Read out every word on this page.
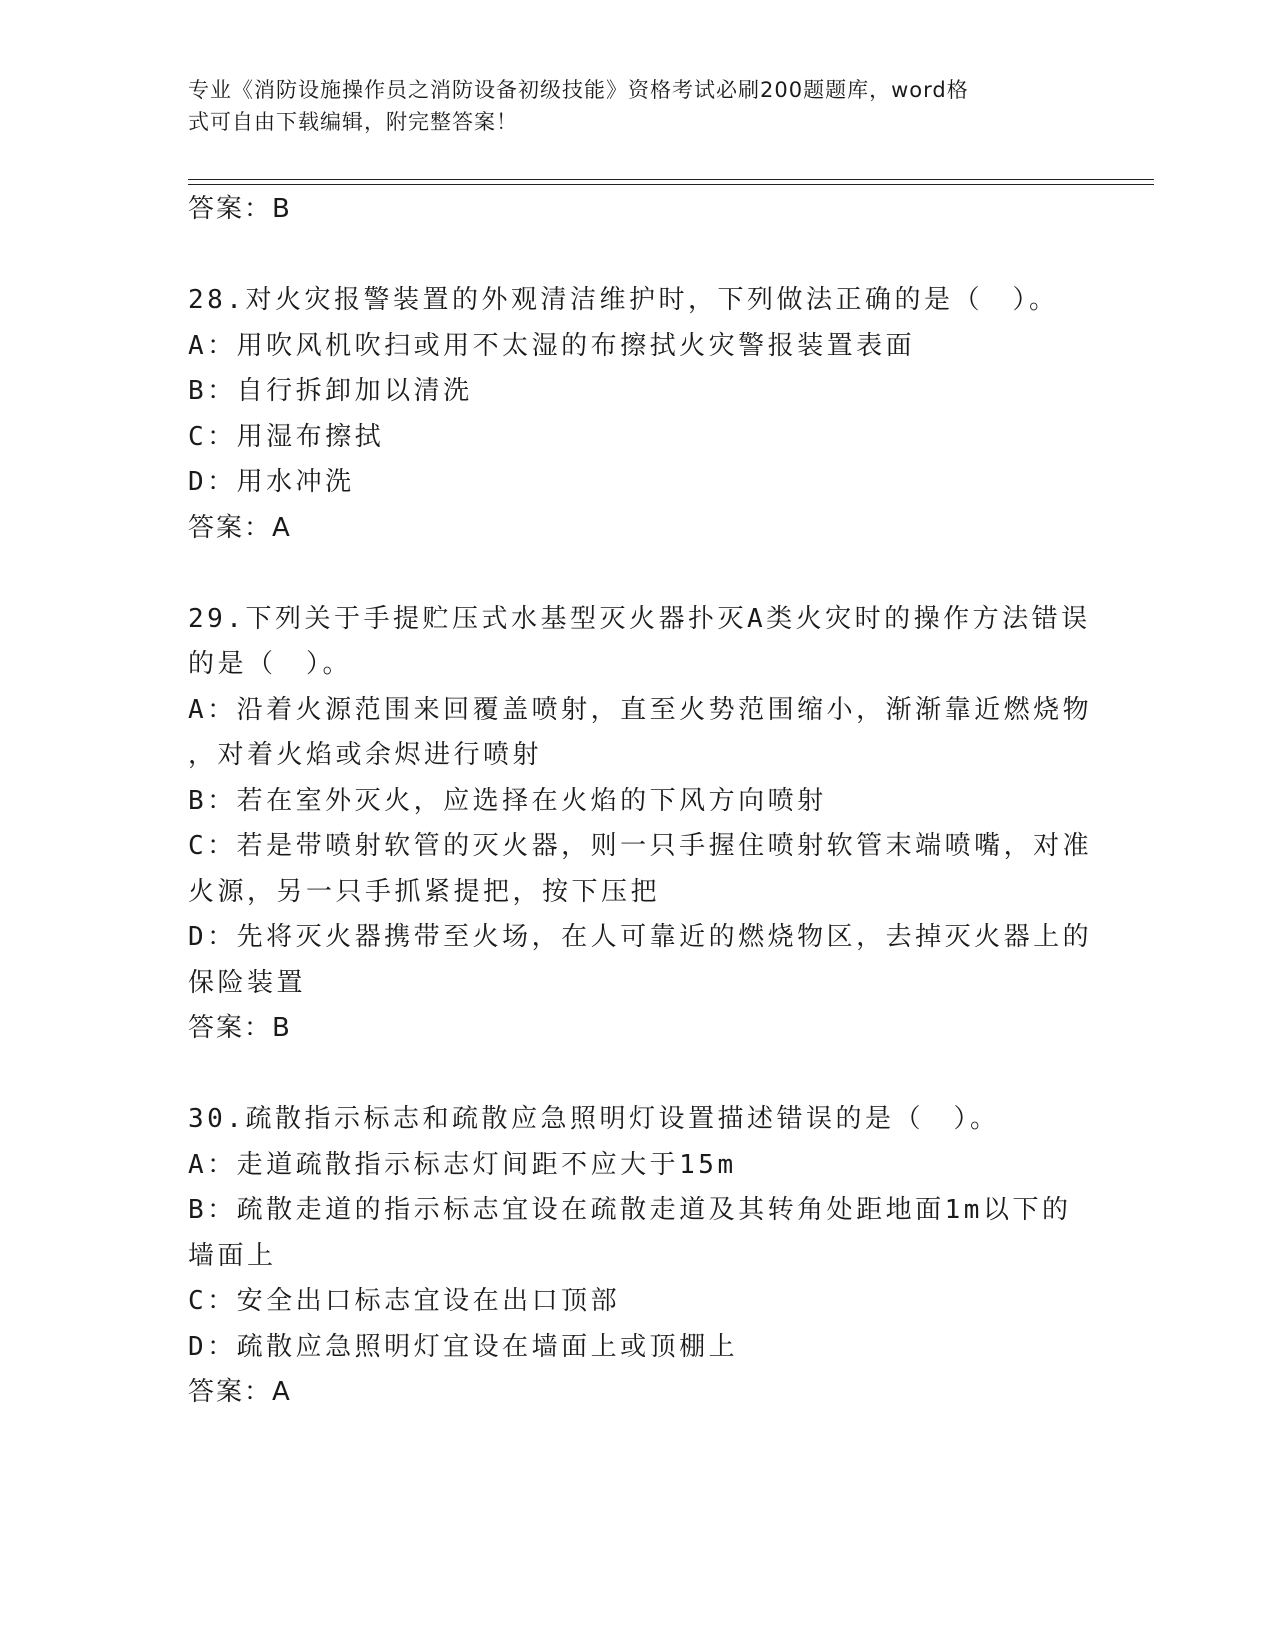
专业《消防设施操作员之消防设备初级技能》资格考试必刷200题题库，word格
式可自由下载编辑，附完整答案！
答案：B
28.对火灾报警装置的外观清洁维护时，下列做法正确的是（　）。
A：用吹风机吹扫或用不太湿的布擦拭火灾警报装置表面
B：自行拆卸加以清洗
C：用湿布擦拭
D：用水冲洗
答案：A
29.下列关于手提贮压式水基型灭火器扑灭A类火灾时的操作方法错误
的是（　）。
A：沿着火源范围来回覆盖喷射，直至火势范围缩小，渐渐靠近燃烧物
，对着火焰或余烬进行喷射
B：若在室外灭火，应选择在火焰的下风方向喷射
C：若是带喷射软管的灭火器，则一只手握住喷射软管末端喷嘴，对准
火源，另一只手抓紧提把，按下压把
D：先将灭火器携带至火场，在人可靠近的燃烧物区，去掉灭火器上的
保险装置
答案：B
30.疏散指示标志和疏散应急照明灯设置描述错误的是（　）。
A：走道疏散指示标志灯间距不应大于15m
B：疏散走道的指示标志宜设在疏散走道及其转角处距地面1m以下的
墙面上
C：安全出口标志宜设在出口顶部
D：疏散应急照明灯宜设在墙面上或顶棚上
答案：A
